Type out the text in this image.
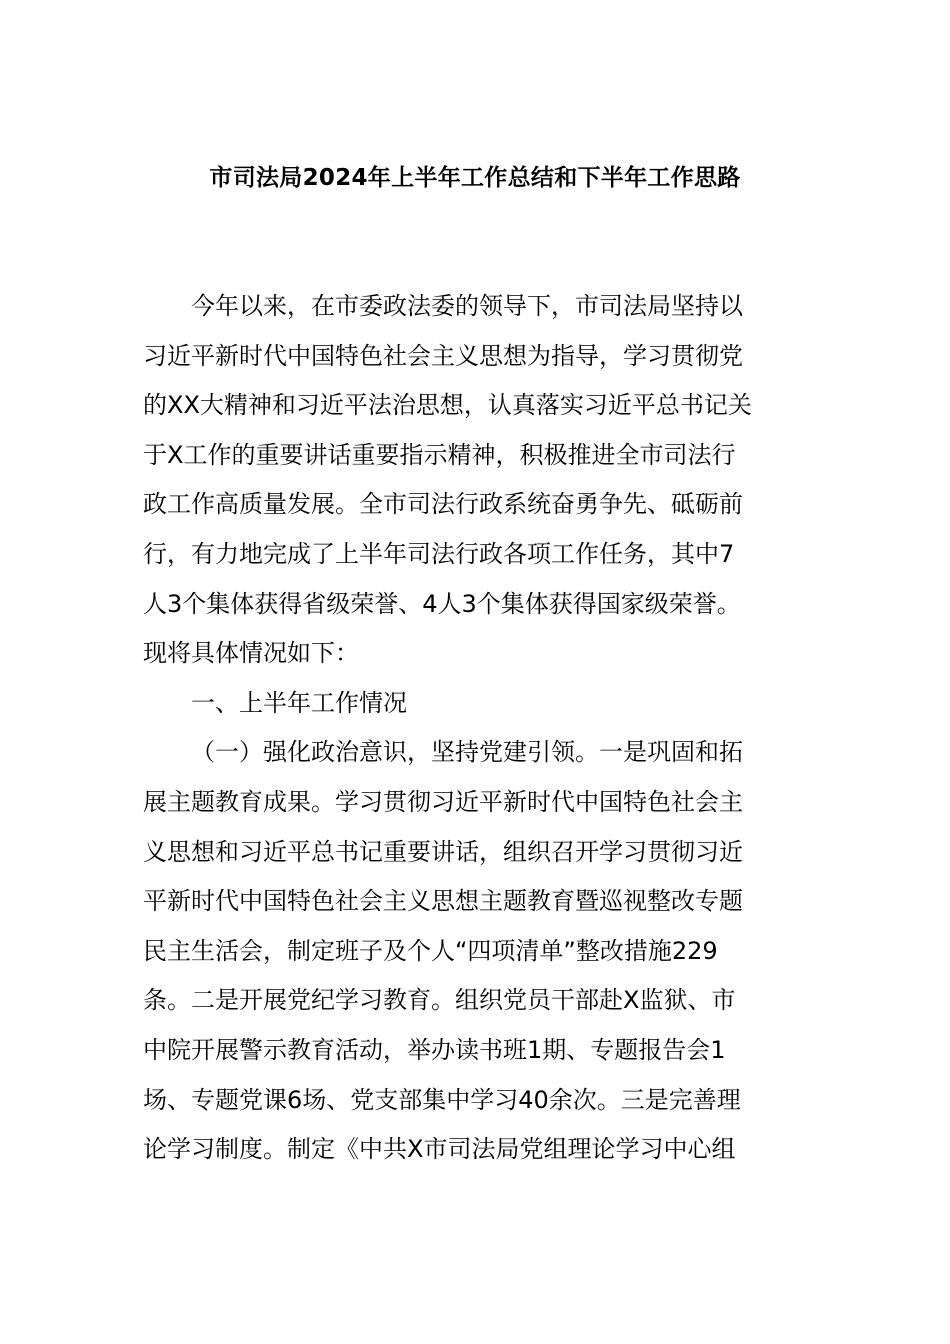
市司法局2024年上半年工作总结和下半年工作思路

今年以来，在市委政法委的领导下，市司法局坚持以
习近平新时代中国特色社会主义思想为指导，学习贯彻党
的XX大精神和习近平法治思想，认真落实习近平总书记关
于X工作的重要讲话重要指示精神，积极推进全市司法行
政工作高质量发展。全市司法行政系统奋勇争先、砥砺前
行，有力地完成了上半年司法行政各项工作任务，其中7
人3个集体获得省级荣誉、4人3个集体获得国家级荣誉。
现将具体情况如下：

一、上半年工作情况

（一）强化政治意识，坚持党建引领。一是巩固和拓
展主题教育成果。学习贯彻习近平新时代中国特色社会主
义思想和习近平总书记重要讲话，组织召开学习贯彻习近
平新时代中国特色社会主义思想主题教育暨巡视整改专题
民主生活会，制定班子及个人“四项清单”整改措施229
条。二是开展党纪学习教育。组织党员干部赴X监狱、市
中院开展警示教育活动，举办读书班1期、专题报告会1
场、专题党课6场、党支部集中学习40余次。三是完善理
论学习制度。制定《中共X市司法局党组理论学习中心组
